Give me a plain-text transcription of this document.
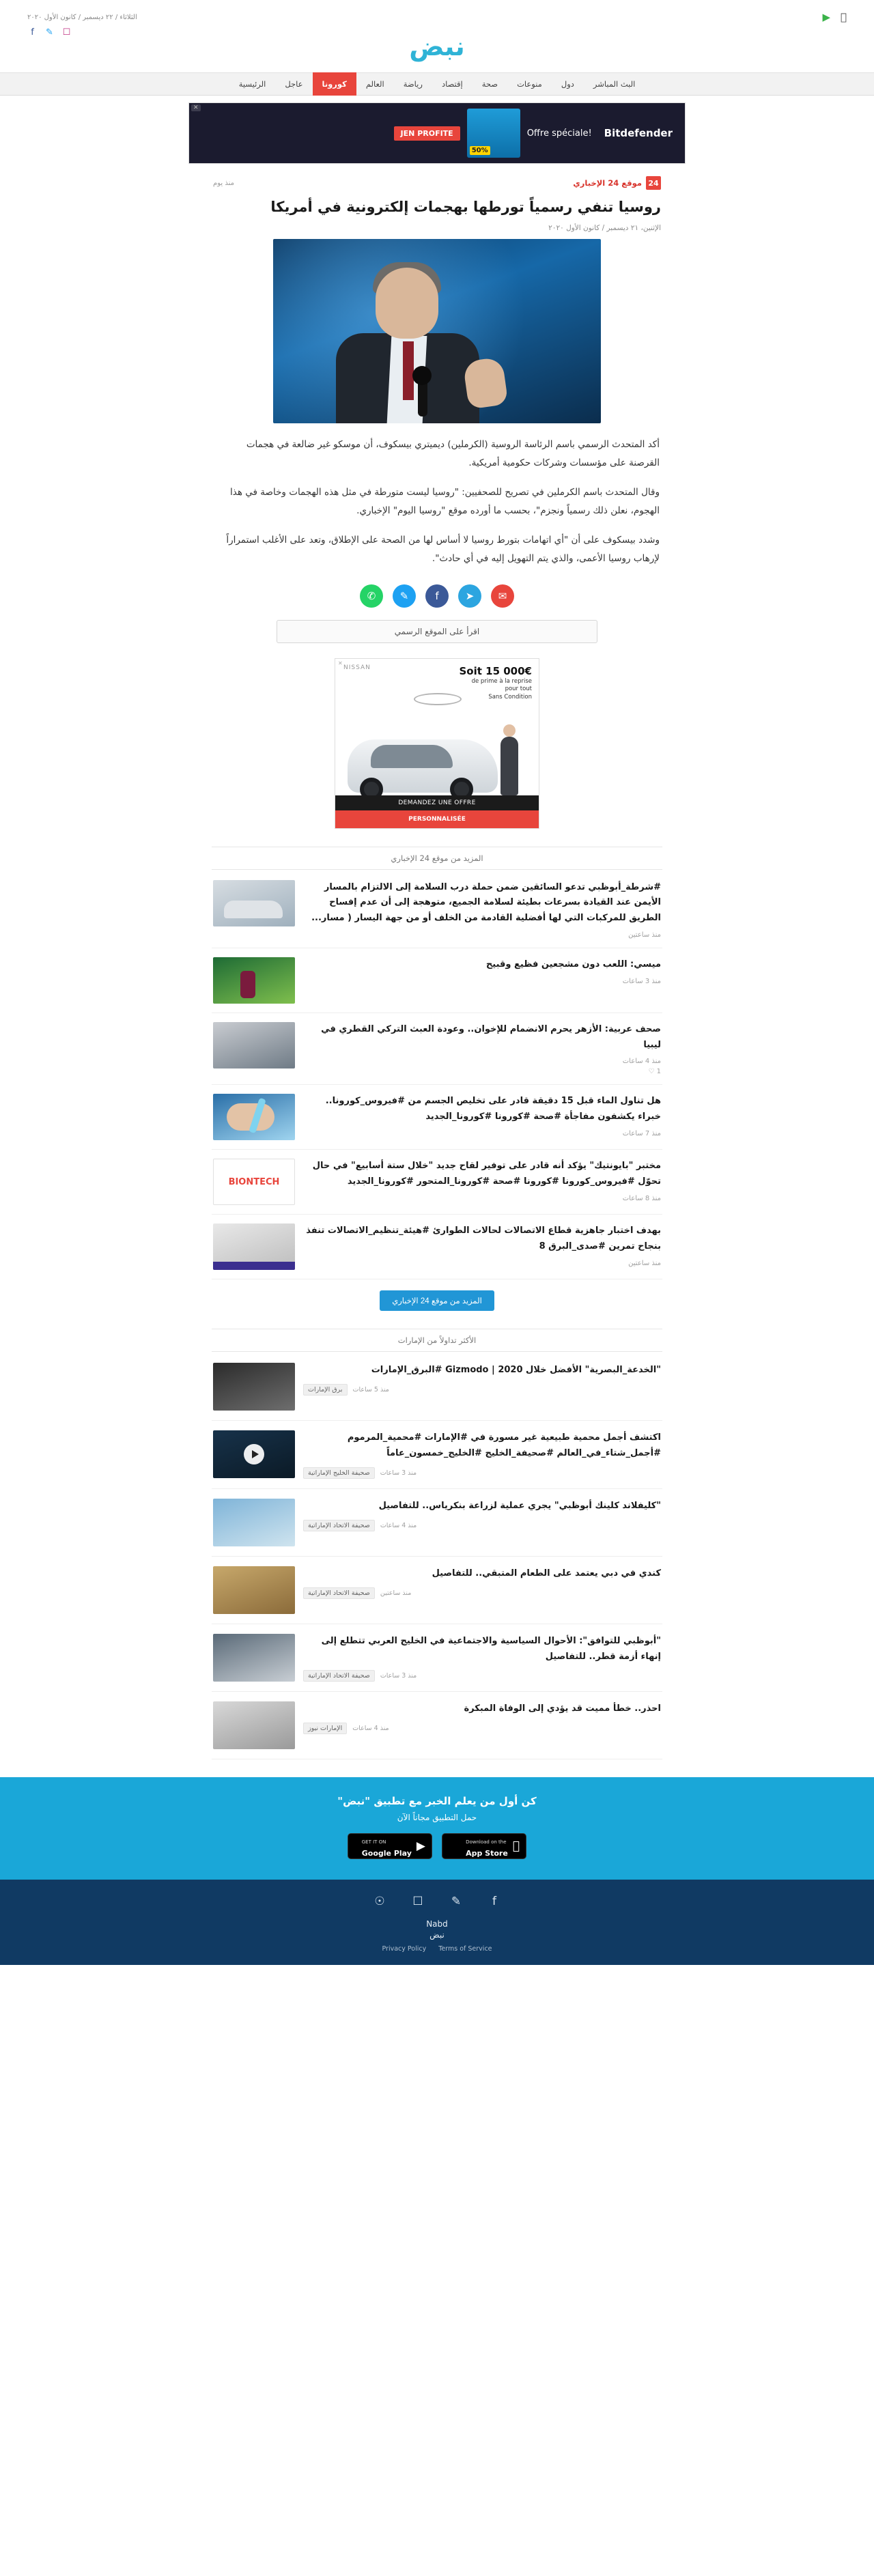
▶
الثلاثاء / ٢٢ ديسمبر / كانون الأول ٢٠٢٠
نبض
☐
✎
f
البث المباشر
دول
منوعات
صحة
إقتصاد
رياضة
العالم
كورونا
عاجل
الرئيسية
✕
Bitdefender
Offre spéciale!
50%
JEN PROFITE
24
موقع 24 الإخباري
منذ يوم
روسيا تنفي رسمياً تورطها بهجمات إلكترونية في أمريكا
الإثنين، ٢١ ديسمبر / كانون الأول ٢٠٢٠

أكد المتحدث الرسمي باسم الرئاسة الروسية (الكرملين) ديميتري بيسكوف، أن موسكو غير ضالعة في هجمات القرصنة على مؤسسات وشركات حكومية أمريكية.

وقال المتحدث باسم الكرملين في تصريح للصحفيين: "روسيا ليست متورطة في مثل هذه الهجمات وخاصة في هذا الهجوم، نعلن ذلك رسمياً ونجزم"، بحسب ما أورده موقع "روسيا اليوم" الإخباري.

وشدد بيسكوف على أن "أي اتهامات بتورط روسيا لا أساس لها من الصحة على الإطلاق، وتعد على الأغلب استمراراً لإرهاب روسيا الأعمى، والذي يتم التهويل إليه في أي حادث".

✉
➤
f
✎
✆
اقرأ على الموقع الرسمي
✕
Soit 15 000€
de prime à la reprise
pour tout
Sans Condition
NISSAN
DEMANDEZ UNE OFFRE
PERSONNALISÉE
المزيد من موقع 24 الإخباري
#شرطة_أبوظبي تدعو السائقين ضمن حملة درب السلامة إلى الالتزام بالمسار الأيمن عند القيادة بسرعات بطيئة لسلامة الجميع، متوهجة إلى أن عدم إفساح الطريق للمركبات التي لها أفضلية القادمة من الخلف أو من جهة اليسار ( مسار...
منذ ساعتين
ميسي: اللعب دون مشجعين فظيع وقبيح
منذ 3 ساعات
صحف عربية: الأزهر يحرم الانضمام للإخوان.. وعودة العبث التركي القطري في ليبيا
منذ 4 ساعات
1 ♡
هل تناول الماء قبل 15 دقيقة قادر على تخليص الجسم من #فيروس_كورونا.. خبراء يكشفون مفاجأة #صحة #كورونا #كورونا_الجديد
منذ 7 ساعات
مختبر "بايونتيك" يؤكد أنه قادر على توفير لقاح جديد "خلال ستة أسابيع" في حال تحوّل #فيروس_كورونا #كورونا #صحة #كورونا_المتحور #كورونا_الجديد
منذ 8 ساعات
BIONTECH
بهدف اختبار جاهزية قطاع الاتصالات لحالات الطوارئ #هيئة_تنظيم_الاتصالات تنفذ بنجاح تمرين #صدى_البرق 8
منذ ساعتين
المزيد من موقع 24 الإخباري
الأكثر تداولاً من الإمارات
"الخدعة_البصرية" الأفضل خلال 2020 | Gizmodo #البرق_الإمارات
منذ 5 ساعات
برق الإمارات
اكتشف أجمل محمية طبيعية غير مسورة في #الإمارات #محمية_المرموم #أجمل_شتاء_في_العالم #صحيفة_الخليج #الخليج_خمسون_عاماً
منذ 3 ساعات
صحيفة الخليج الإماراتية
"كليفلاند كلينك أبوظبي" يجري عملية لزراعة بنكرياس.. للتفاصيل
منذ 4 ساعات
صحيفة الاتحاد الإماراتية
كندي في دبي يعتمد على الطعام المتبقي.. للتفاصيل
منذ ساعتين
صحيفة الاتحاد الإماراتية
"أبوظبي للتوافق": الأحوال السياسية والاجتماعية في الخليج العربي تتطلع إلى إنهاء أزمة قطر.. للتفاصيل
منذ 3 ساعات
صحيفة الاتحاد الإماراتية
احذر.. خطأ مميت قد يؤدي إلى الوفاة المبكرة
منذ 4 ساعات
الإمارات نيوز
كن أول من يعلم الخبر مع تطبيق "نبض"

حمل التطبيق مجاناً الآن

Download on the
App Store
▶
GET IT ON
Google Play
f
✎
☐
☉
Nabd
نبض
Terms of Service
Privacy Policy
